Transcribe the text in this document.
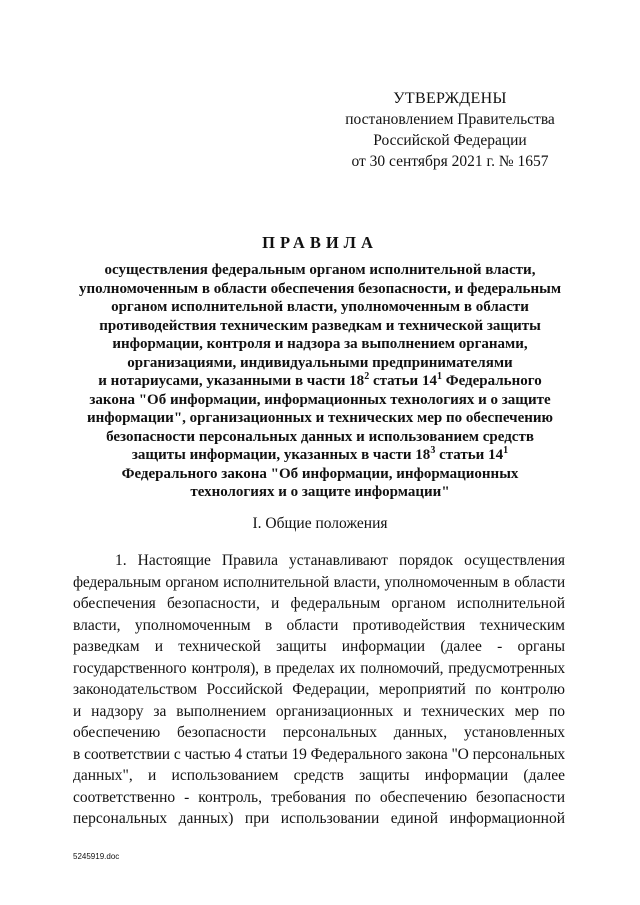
УТВЕРЖДЕНЫ
постановлением Правительства
Российской Федерации
от 30 сентября 2021 г. № 1657
ПРАВИЛА
осуществления федеральным органом исполнительной власти,
уполномоченным в области обеспечения безопасности, и федеральным
органом исполнительной власти, уполномоченным в области
противодействия техническим разведкам и технической защиты
информации, контроля и надзора за выполнением органами,
организациями, индивидуальными предпринимателями
и нотариусами, указанными в части $18^2$ статьи $14^1$ Федерального
закона "Об информации, информационных технологиях и о защите
информации", организационных и технических мер по обеспечению
безопасности персональных данных и использованием средств
защиты информации, указанных в части $18^3$ статьи $14^1$
Федерального закона "Об информации, информационных
технологиях и о защите информации"
I. Общие положения
1. Настоящие Правила устанавливают порядок осуществления
федеральным органом исполнительной власти, уполномоченным в области
обеспечения безопасности, и федеральным органом исполнительной
власти, уполномоченным в области противодействия техническим
разведкам и технической защиты информации (далее - органы
государственного контроля), в пределах их полномочий, предусмотренных
законодательством Российской Федерации, мероприятий по контролю
и надзору за выполнением организационных и технических мер по
обеспечению безопасности персональных данных, установленных
в соответствии с частью 4 статьи 19 Федерального закона "О персональных
данных", и использованием средств защиты информации (далее
соответственно - контроль, требования по обеспечению безопасности
персональных данных) при использовании единой информационной
5245919.doc
